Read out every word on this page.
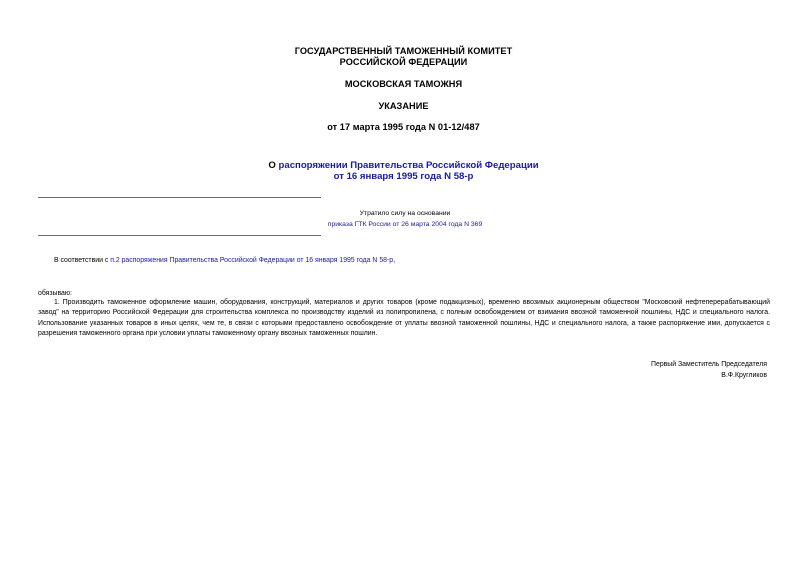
ГОСУДАРСТВЕННЫЙ ТАМОЖЕННЫЙ КОМИТЕТ
РОССИЙСКОЙ ФЕДЕРАЦИИ
МОСКОВСКАЯ ТАМОЖНЯ
УКАЗАНИЕ
от 17 марта 1995 года N 01-12/487
О распоряжении Правительства Российской Федерации
от 16 января 1995 года N 58-р
Утратило силу на основании
приказа ГТК России от 26 марта 2004 года N 369
В соответствии с п.2 распоряжения Правительства Российской Федерации от 16 января 1995 года N 58-р,
обязываю:
1. Производить таможенное оформление машин, оборудования, конструкций, материалов и других товаров (кроме подакцизных), временно ввозимых акционерным обществом "Московский нефтеперерабатывающий завод" на территорию Российской Федерации для строительства комплекса по производству изделий из полипропилена, с полным освобождением от взимания ввозной таможенной пошлины, НДС и специального налога. Использование указанных товаров в иных целях, чем те, в связи с которыми предоставлено освобождение от уплаты ввозной таможенной пошлины, НДС и специального налога, а также распоряжение ими, допускается с разрешения таможенного органа при условии уплаты таможенному органу ввозных таможенных пошлин.
Первый Заместитель Председателя
В.Ф.Кругликов
